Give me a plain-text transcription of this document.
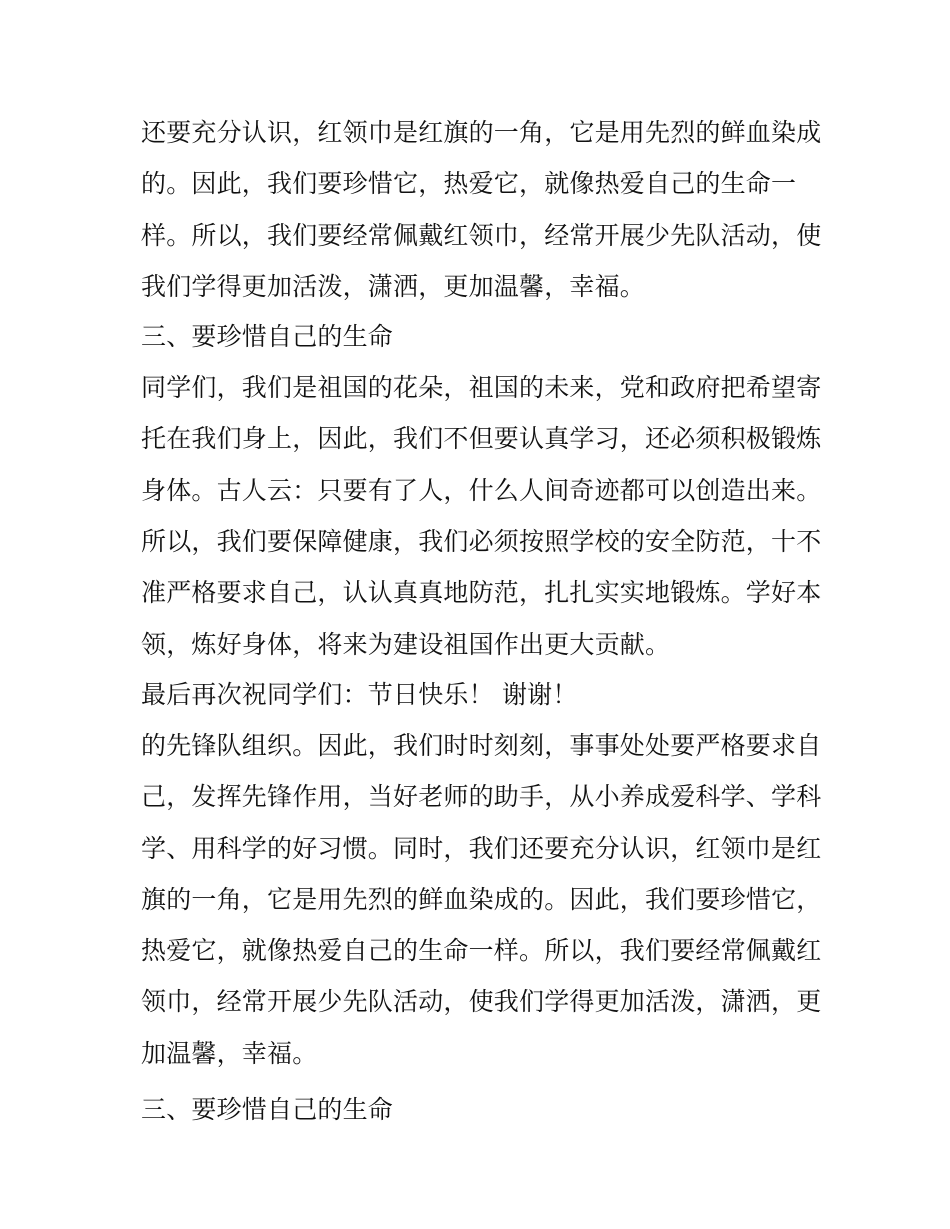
还要充分认识，红领巾是红旗的一角，它是用先烈的鲜血染成
的。因此，我们要珍惜它，热爱它，就像热爱自己的生命一
样。所以，我们要经常佩戴红领巾，经常开展少先队活动，使
我们学得更加活泼，潇洒，更加温馨，幸福。
三、要珍惜自己的生命
同学们，我们是祖国的花朵，祖国的未来，党和政府把希望寄
托在我们身上，因此，我们不但要认真学习，还必须积极锻炼
身体。古人云：只要有了人，什么人间奇迹都可以创造出来。
所以，我们要保障健康，我们必须按照学校的安全防范，十不
准严格要求自己，认认真真地防范，扎扎实实地锻炼。学好本
领，炼好身体，将来为建设祖国作出更大贡献。
最后再次祝同学们：节日快乐！ 谢谢！
的先锋队组织。因此，我们时时刻刻，事事处处要严格要求自
己，发挥先锋作用，当好老师的助手，从小养成爱科学、学科
学、用科学的好习惯。同时，我们还要充分认识，红领巾是红
旗的一角，它是用先烈的鲜血染成的。因此，我们要珍惜它，
热爱它，就像热爱自己的生命一样。所以，我们要经常佩戴红
领巾，经常开展少先队活动，使我们学得更加活泼，潇洒，更
加温馨，幸福。
三、要珍惜自己的生命
